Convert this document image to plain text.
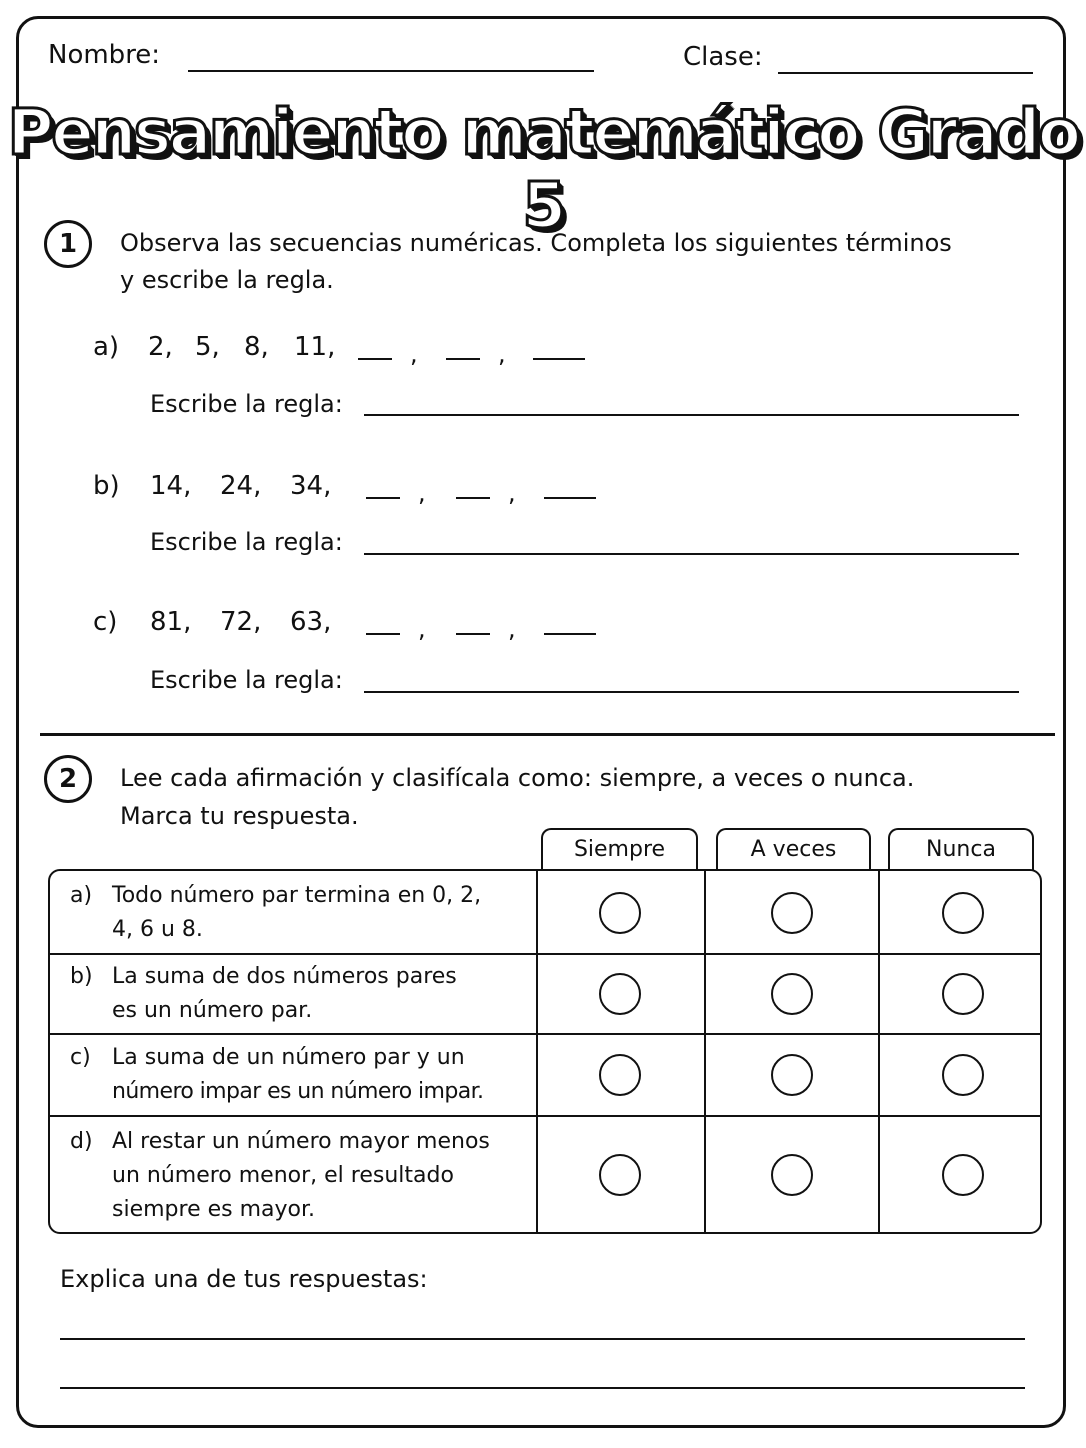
Nombre:	Clase:
Pensamiento matemático Grado 5
1	Observa las secuencias numéricas. Completa los siguientes términos
y escribe la regla.
a) 2, 5, 8, 11,	,	,
Escribe la regla:
b) 14, 24, 34,	,	,
Escribe la regla:
c) 81, 72, 63,	,	,
Escribe la regla:
2	Lee cada afirmación y clasifícala como: siempre, a veces o nunca.
Marca tu respuesta.
Siempre	A veces	Nunca
a) Todo número par termina en 0, 2,
4, 6 u 8.
b) La suma de dos números pares
es un número par.
c) La suma de un número par y un
número impar es un número impar.
d) Al restar un número mayor menos
un número menor, el resultado
siempre es mayor.
Explica una de tus respuestas:
